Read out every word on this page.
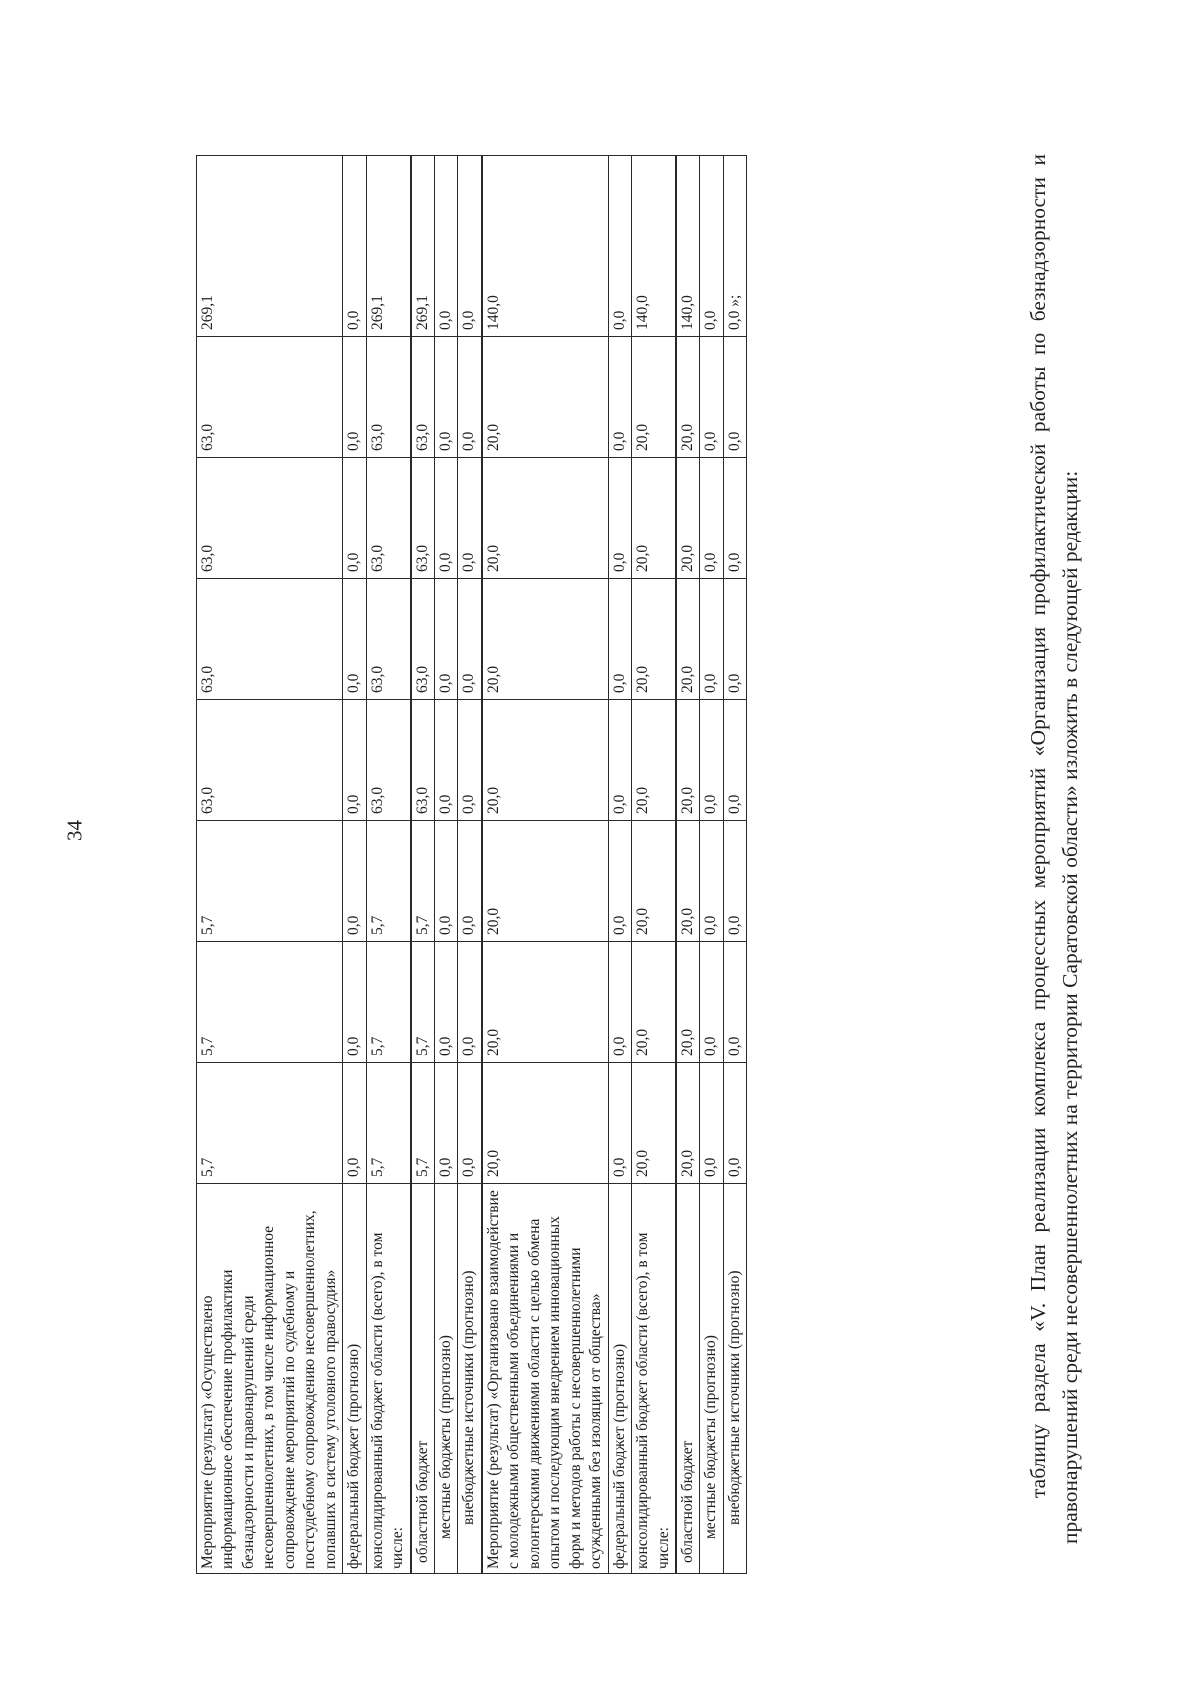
34
Мероприятие (результат) «Осуществлено информационное обеспечение профилактики безнадзорности и правонарушений среди несовершеннолетних, в том числе информационное сопровождение мероприятий по судебному и постсудебному сопровождению несовершеннолетних, попавших в систему уголовного правосудия»	5,7	5,7	5,7	63,0	63,0	63,0	63,0	269,1
федеральный бюджет (прогнозно)	0,0	0,0	0,0	0,0	0,0	0,0	0,0	0,0
консолидированный бюджет области (всего), в том числе:	5,7	5,7	5,7	63,0	63,0	63,0	63,0	269,1
областной бюджет	5,7	5,7	5,7	63,0	63,0	63,0	63,0	269,1
местные бюджеты (прогнозно)	0,0	0,0	0,0	0,0	0,0	0,0	0,0	0,0
внебюджетные источники (прогнозно)	0,0	0,0	0,0	0,0	0,0	0,0	0,0	0,0
Мероприятие (результат) «Организовано взаимодействие с молодежными общественными объединениями и волонтерскими движениями области с целью обмена опытом и последующим внедрением инновационных форм и методов работы с несовершеннолетними осужденными без изоляции от общества»	20,0	20,0	20,0	20,0	20,0	20,0	20,0	140,0
федеральный бюджет (прогнозно)	0,0	0,0	0,0	0,0	0,0	0,0	0,0	0,0
консолидированный бюджет области (всего), в том числе:	20,0	20,0	20,0	20,0	20,0	20,0	20,0	140,0
областной бюджет	20,0	20,0	20,0	20,0	20,0	20,0	20,0	140,0
местные бюджеты (прогнозно)	0,0	0,0	0,0	0,0	0,0	0,0	0,0	0,0
внебюджетные источники (прогнозно)	0,0	0,0	0,0	0,0	0,0	0,0	0,0	0,0 »;	таблицу раздела «V. План реализации комплекса процессных мероприятий «Организация профилактической работы по безнадзорности и правонарушений среди несовершеннолетних на территории Саратовской области» изложить в следующей редакции:
